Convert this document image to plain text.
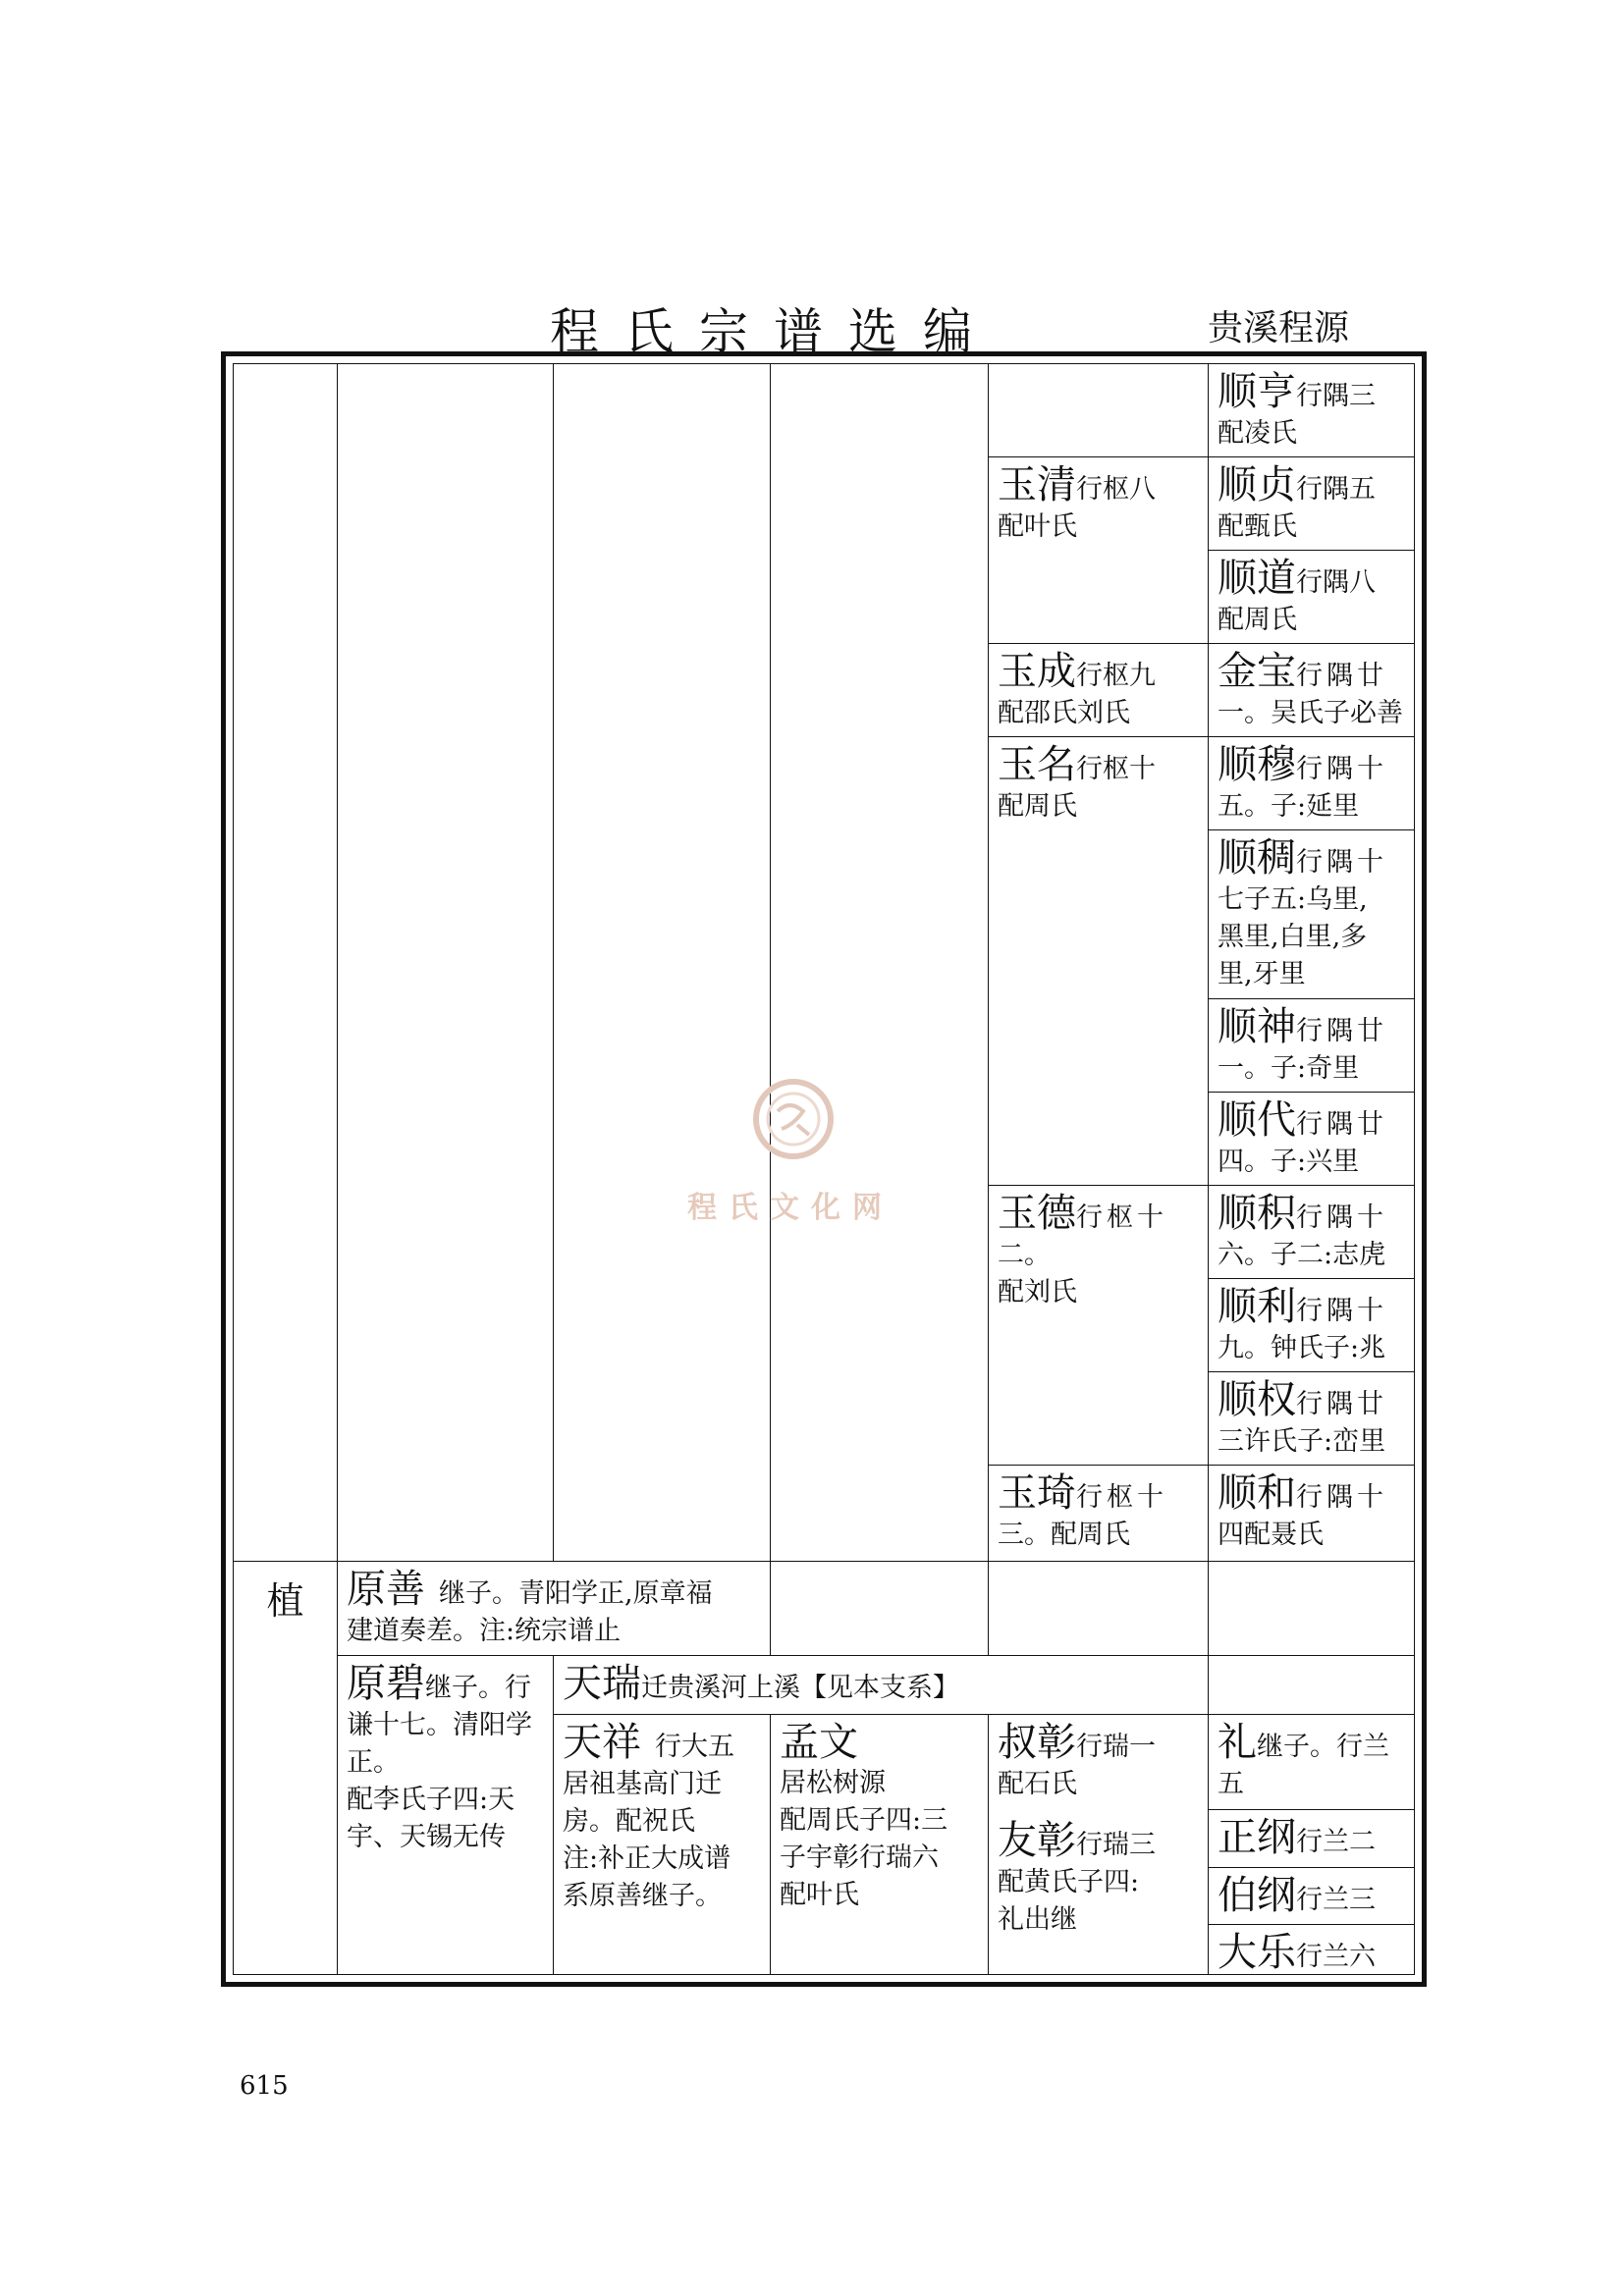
程氏宗谱选编	贵溪程源
顺亨行隅三
配凌氏
顺贞行隅五
配甄氏
顺道行隅八
配周氏
金宝行隅廿
一。吴氏子必善
顺穆行隅十
五。子:延里
顺稠行隅十
七子五:乌里,
黑里,白里,多
里,牙里
顺神行隅廿
一。子:奇里
顺代行隅廿
四。子:兴里
顺积行隅十
六。子二:志虎
顺利行隅十
九。钟氏子:兆
顺权行隅廿
三许氏子:峦里
顺和行隅十
四配聂氏
玉清行枢八
配叶氏
玉成行枢九
配邵氏刘氏
玉名行枢十
配周氏
玉德行枢十
二。
配刘氏
玉琦行枢十
三。配周氏
植	原善 继子。青阳学正,原章福
建道奏差。注:统宗谱止
原碧继子。行
谦十七。清阳学
正。
配李氏子四:天
宇、天锡无传
天瑞迁贵溪河上溪【见本支系】
天祥 行大五
居祖基高门迁
房。配祝氏
注:补正大成谱
系原善继子。
孟文
居松树源
配周氏子四:三
子宇彰行瑞六
配叶氏
叔彰行瑞一
配石氏
友彰行瑞三
配黄氏子四:
礼出继
礼继子。行兰
五
正纲行兰二
伯纲行兰三
大乐行兰六
程氏文化网
615
